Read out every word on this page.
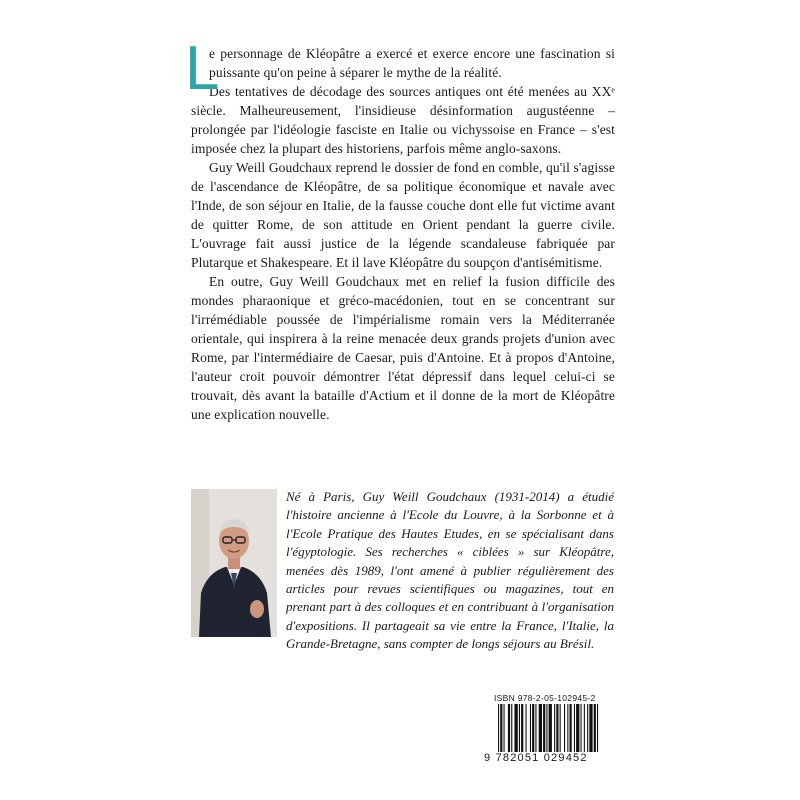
L
e personnage de Kléopâtre a exercé et exerce encore une fascination si puissante qu'on peine à séparer le mythe de la réalité.

Des tentatives de décodage des sources antiques ont été menées au XXᵉ siècle. Malheureusement, l'insidieuse désinformation augustéenne – prolongée par l'idéologie fasciste en Italie ou vichyssoise en France – s'est imposée chez la plupart des historiens, parfois même anglo-saxons.

Guy Weill Goudchaux reprend le dossier de fond en comble, qu'il s'agisse de l'ascendance de Kléopâtre, de sa politique économique et navale avec l'Inde, de son séjour en Italie, de la fausse couche dont elle fut victime avant de quitter Rome, de son attitude en Orient pendant la guerre civile. L'ouvrage fait aussi justice de la légende scandaleuse fabriquée par Plutarque et Shakespeare. Et il lave Kléopâtre du soupçon d'antisémitisme.

En outre, Guy Weill Goudchaux met en relief la fusion difficile des mondes pharaonique et gréco-macédonien, tout en se concentrant sur l'irrémédiable poussée de l'impérialisme romain vers la Méditerranée orientale, qui inspirera à la reine menacée deux grands projets d'union avec Rome, par l'intermédiaire de Caesar, puis d'Antoine. Et à propos d'Antoine, l'auteur croit pouvoir démontrer l'état dépressif dans lequel celui-ci se trouvait, dès avant la bataille d'Actium et il donne de la mort de Kléopâtre une explication nouvelle.

Né à Paris, Guy Weill Goudchaux (1931-2014) a étudié l'histoire ancienne à l'Ecole du Louvre, à la Sorbonne et à l'Ecole Pratique des Hautes Etudes, en se spécialisant dans l'égyptologie. Ses recherches « ciblées » sur Kléopâtre, menées dès 1989, l'ont amené à publier régulièrement des articles pour revues scientifiques ou magazines, tout en prenant part à des colloques et en contribuant à l'organisation d'expositions. Il partageait sa vie entre la France, l'Italie, la Grande-Bretagne, sans compter de longs séjours au Brésil.
ISBN 978-2-05-102945-2
9 782051 029452
